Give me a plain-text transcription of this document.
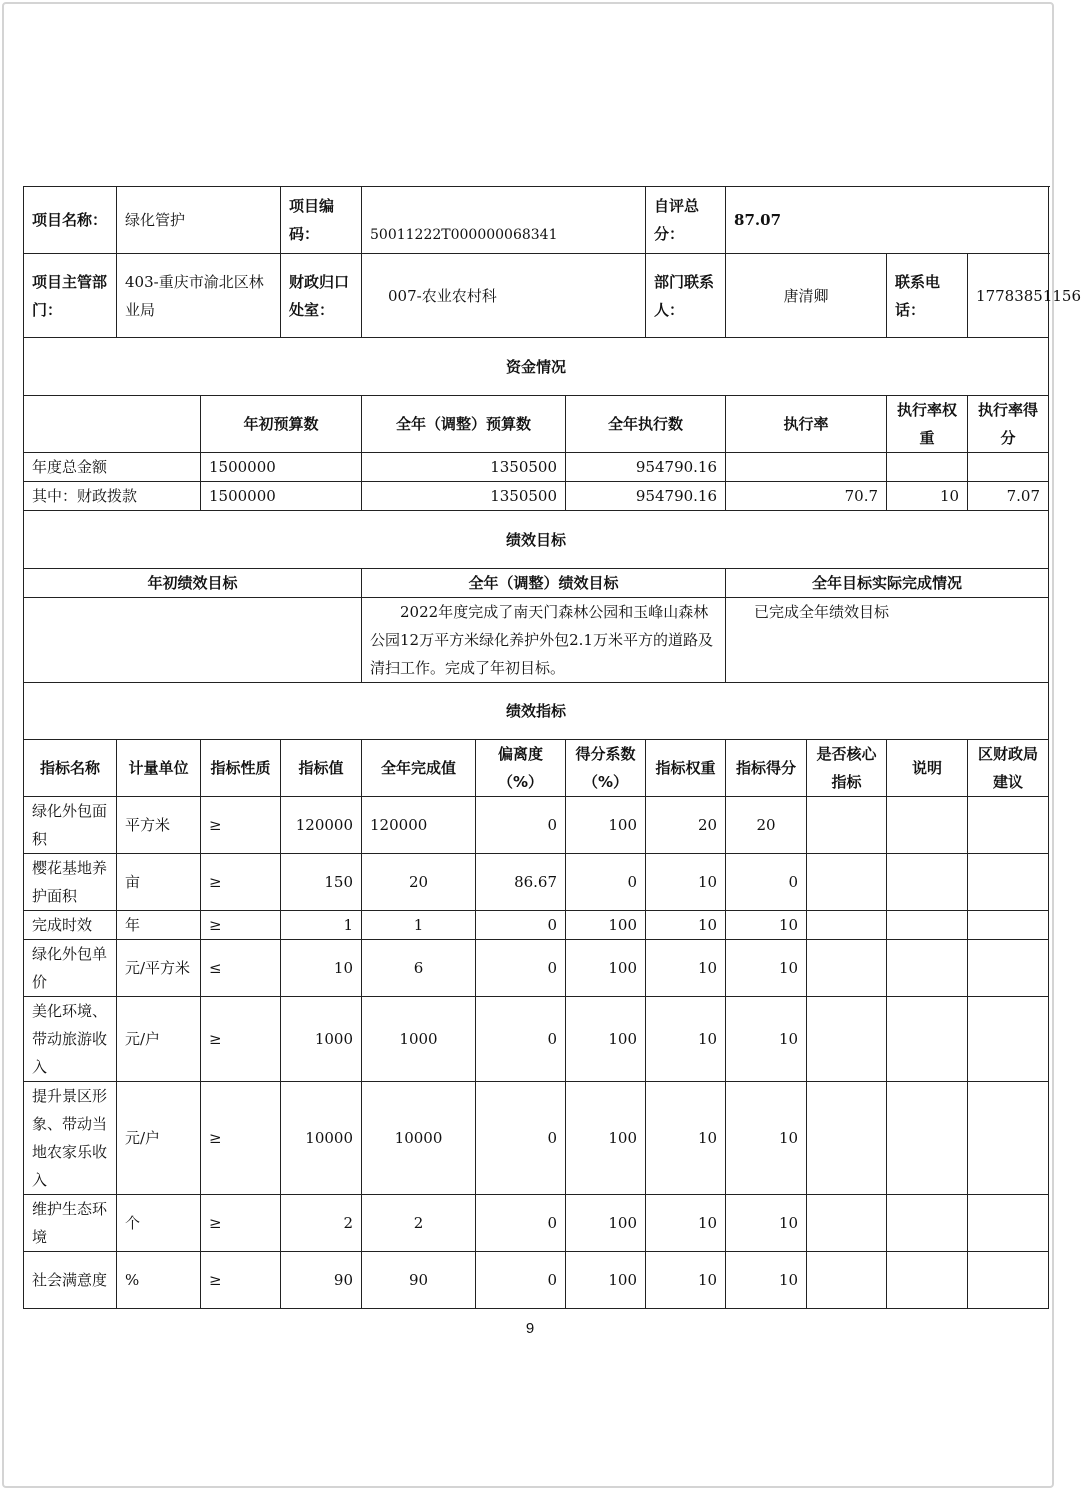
项目名称：	绿化管护		项目编码：	50011222T000000068341			自评总分：	87.07			
项目主管部门：	403-重庆市渝北区林业局		财政归口处室：	007-农业农村科			部门联系人：	唐清卿		联系电话：	17783851156
资金情况											
		年初预算数		全年（调整）预算数		全年执行数		执行率		执行率权重	执行率得分
年度总金额		1500000		1350500		954790.16					
其中：财政拨款		1500000		1350500		954790.16		70.7		10	7.07
绩效目标											
年初绩效目标				全年（调整）绩效目标				全年目标实际完成情况			

				2022年度完成了南天门森林公园和玉峰山森林公园12万平方米绿化养护外包2.1万米平方的道路及清扫工作。完成了年初目标。				已完成全年绩效目标			
绩效指标											
指标名称	计量单位	指标性质	指标值	全年完成值	偏离度（%）	得分系数（%）	指标权重	指标得分	是否核心指标	说明	区财政局建议
绿化外包面积	平方米	≥	120000	120000	0	100	20	20			
樱花基地养护面积	亩	≥	150	20	86.67	0	10	0			
完成时效	年	≥	1	1	0	100	10	10			
绿化外包单价	元/平方米	≤	10	6	0	100	10	10			
美化环境、带动旅游收入	元/户	≥	1000	1000	0	100	10	10			
提升景区形象、带动当地农家乐收入	元/户	≥	10000	10000	0	100	10	10			
维护生态环境	个	≥	2	2	0	100	10	10			
社会满意度	%	≥	90	90	0	100	10	10			
9
